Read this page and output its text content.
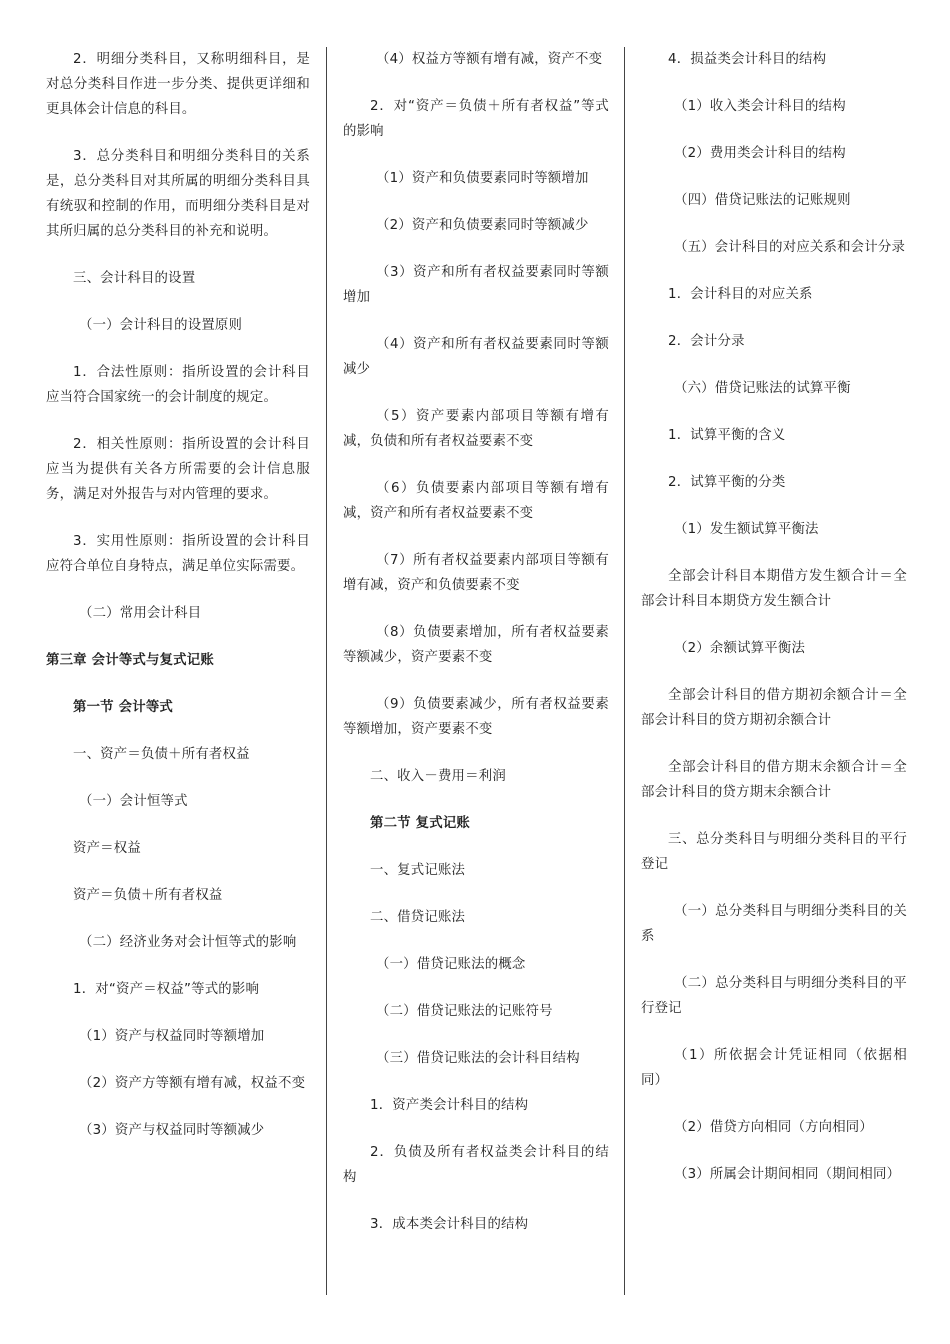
2．明细分类科目，又称明细科目，是对总分类科目作进一步分类、提供更详细和更具体会计信息的科目。

3．总分类科目和明细分类科目的关系是，总分类科目对其所属的明细分类科目具有统驭和控制的作用，而明细分类科目是对其所归属的总分类科目的补充和说明。

三、会计科目的设置

（一）会计科目的设置原则

1．合法性原则：指所设置的会计科目应当符合国家统一的会计制度的规定。

2．相关性原则：指所设置的会计科目应当为提供有关各方所需要的会计信息服务，满足对外报告与对内管理的要求。

3．实用性原则：指所设置的会计科目应符合单位自身特点，满足单位实际需要。

（二）常用会计科目

第三章 会计等式与复式记账

第一节 会计等式

一、资产＝负债＋所有者权益

（一）会计恒等式

资产＝权益

资产＝负债＋所有者权益

（二）经济业务对会计恒等式的影响

1．对“资产＝权益”等式的影响

（1）资产与权益同时等额增加

（2）资产方等额有增有减，权益不变

（3）资产与权益同时等额减少

（4）权益方等额有增有减，资产不变

2．对“资产＝负债＋所有者权益”等式的影响

（1）资产和负债要素同时等额增加

（2）资产和负债要素同时等额减少

（3）资产和所有者权益要素同时等额增加

（4）资产和所有者权益要素同时等额减少

（5）资产要素内部项目等额有增有减，负债和所有者权益要素不变

（6）负债要素内部项目等额有增有减，资产和所有者权益要素不变

（7）所有者权益要素内部项目等额有增有减，资产和负债要素不变

（8）负债要素增加，所有者权益要素等额减少，资产要素不变

（9）负债要素减少，所有者权益要素等额增加，资产要素不变

二、收入－费用＝利润

第二节 复式记账

一、复式记账法

二、借贷记账法

（一）借贷记账法的概念

（二）借贷记账法的记账符号

（三）借贷记账法的会计科目结构

1．资产类会计科目的结构

2．负债及所有者权益类会计科目的结构

3．成本类会计科目的结构

4．损益类会计科目的结构

（1）收入类会计科目的结构

（2）费用类会计科目的结构

（四）借贷记账法的记账规则

（五）会计科目的对应关系和会计分录

1．会计科目的对应关系

2．会计分录

（六）借贷记账法的试算平衡

1．试算平衡的含义

2．试算平衡的分类

（1）发生额试算平衡法

全部会计科目本期借方发生额合计＝全部会计科目本期贷方发生额合计

（2）余额试算平衡法

全部会计科目的借方期初余额合计＝全部会计科目的贷方期初余额合计

全部会计科目的借方期末余额合计＝全部会计科目的贷方期末余额合计

三、总分类科目与明细分类科目的平行登记

（一）总分类科目与明细分类科目的关系

（二）总分类科目与明细分类科目的平行登记

（1）所依据会计凭证相同（依据相同）

（2）借贷方向相同（方向相同）

（3）所属会计期间相同（期间相同）
